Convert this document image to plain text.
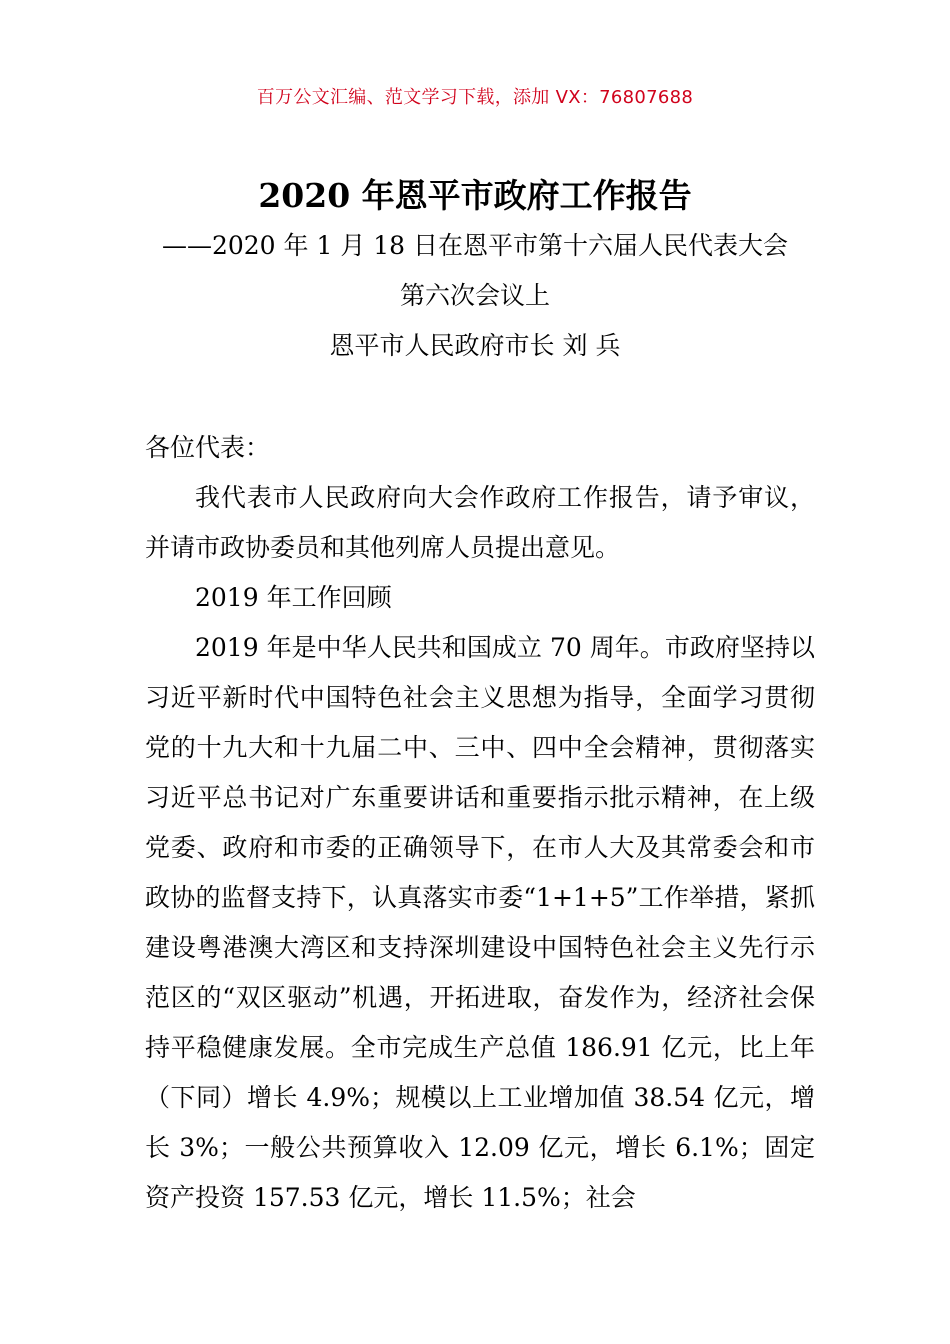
百万公文汇编、范文学习下载，添加 VX：76807688
2020 年恩平市政府工作报告
——2020 年 1 月 18 日在恩平市第十六届人民代表大会
第六次会议上
恩平市人民政府市长 刘 兵

各位代表：

我代表市人民政府向大会作政府工作报告，请予审议，并请市政协委员和其他列席人员提出意见。

2019 年工作回顾

2019 年是中华人民共和国成立 70 周年。市政府坚持以习近平新时代中国特色社会主义思想为指导，全面学习贯彻党的十九大和十九届二中、三中、四中全会精神，贯彻落实习近平总书记对广东重要讲话和重要指示批示精神，在上级党委、政府和市委的正确领导下，在市人大及其常委会和市政协的监督支持下，认真落实市委“1+1+5”工作举措，紧抓建设粤港澳大湾区和支持深圳建设中国特色社会主义先行示范区的“双区驱动”机遇，开拓进取，奋发作为，经济社会保持平稳健康发展。全市完成生产总值 186.91 亿元，比上年（下同）增长 4.9%；规模以上工业增加值 38.54 亿元，增长 3%；一般公共预算收入 12.09 亿元，增长 6.1%；固定资产投资 157.53 亿元，增长 11.5%；社会
